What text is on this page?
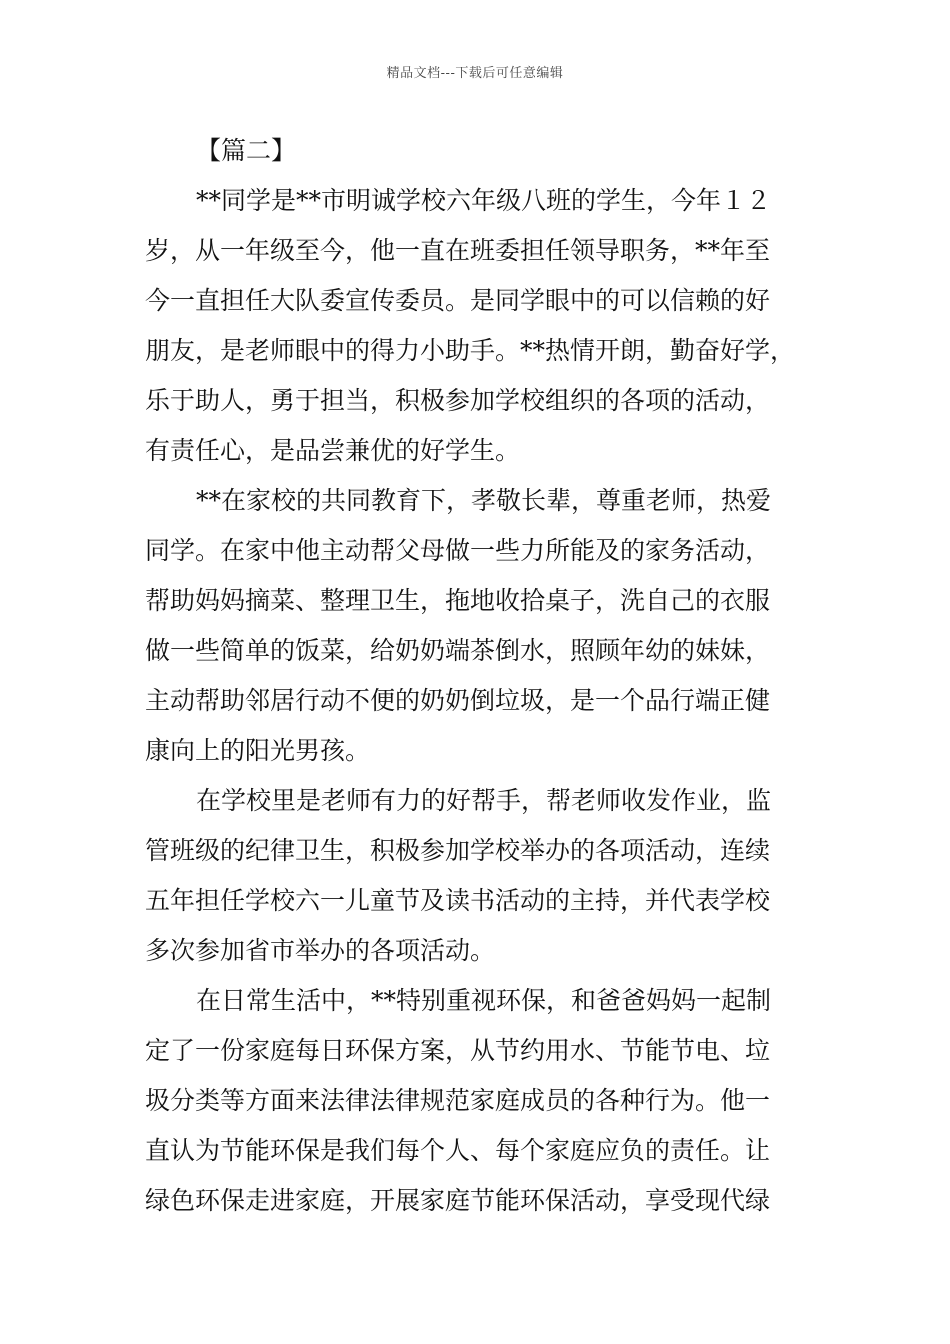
精品文档---下载后可任意编辑
【篇二】
**同学是**市明诚学校六年级八班的学生，今年１２
岁，从一年级至今，他一直在班委担任领导职务，**年至
今一直担任大队委宣传委员。是同学眼中的可以信赖的好
朋友，是老师眼中的得力小助手。**热情开朗，勤奋好学，
乐于助人，勇于担当，积极参加学校组织的各项的活动，
有责任心，是品尝兼优的好学生。
**在家校的共同教育下，孝敬长辈，尊重老师，热爱
同学。在家中他主动帮父母做一些力所能及的家务活动，
帮助妈妈摘菜、整理卫生，拖地收拾桌子，洗自己的衣服
做一些简单的饭菜，给奶奶端茶倒水，照顾年幼的妹妹，
主动帮助邻居行动不便的奶奶倒垃圾，是一个品行端正健
康向上的阳光男孩。
在学校里是老师有力的好帮手，帮老师收发作业，监
管班级的纪律卫生，积极参加学校举办的各项活动，连续
五年担任学校六一儿童节及读书活动的主持，并代表学校
多次参加省市举办的各项活动。
在日常生活中，**特别重视环保，和爸爸妈妈一起制
定了一份家庭每日环保方案，从节约用水、节能节电、垃
圾分类等方面来法律法律规范家庭成员的各种行为。他一
直认为节能环保是我们每个人、每个家庭应负的责任。让
绿色环保走进家庭，开展家庭节能环保活动，享受现代绿
